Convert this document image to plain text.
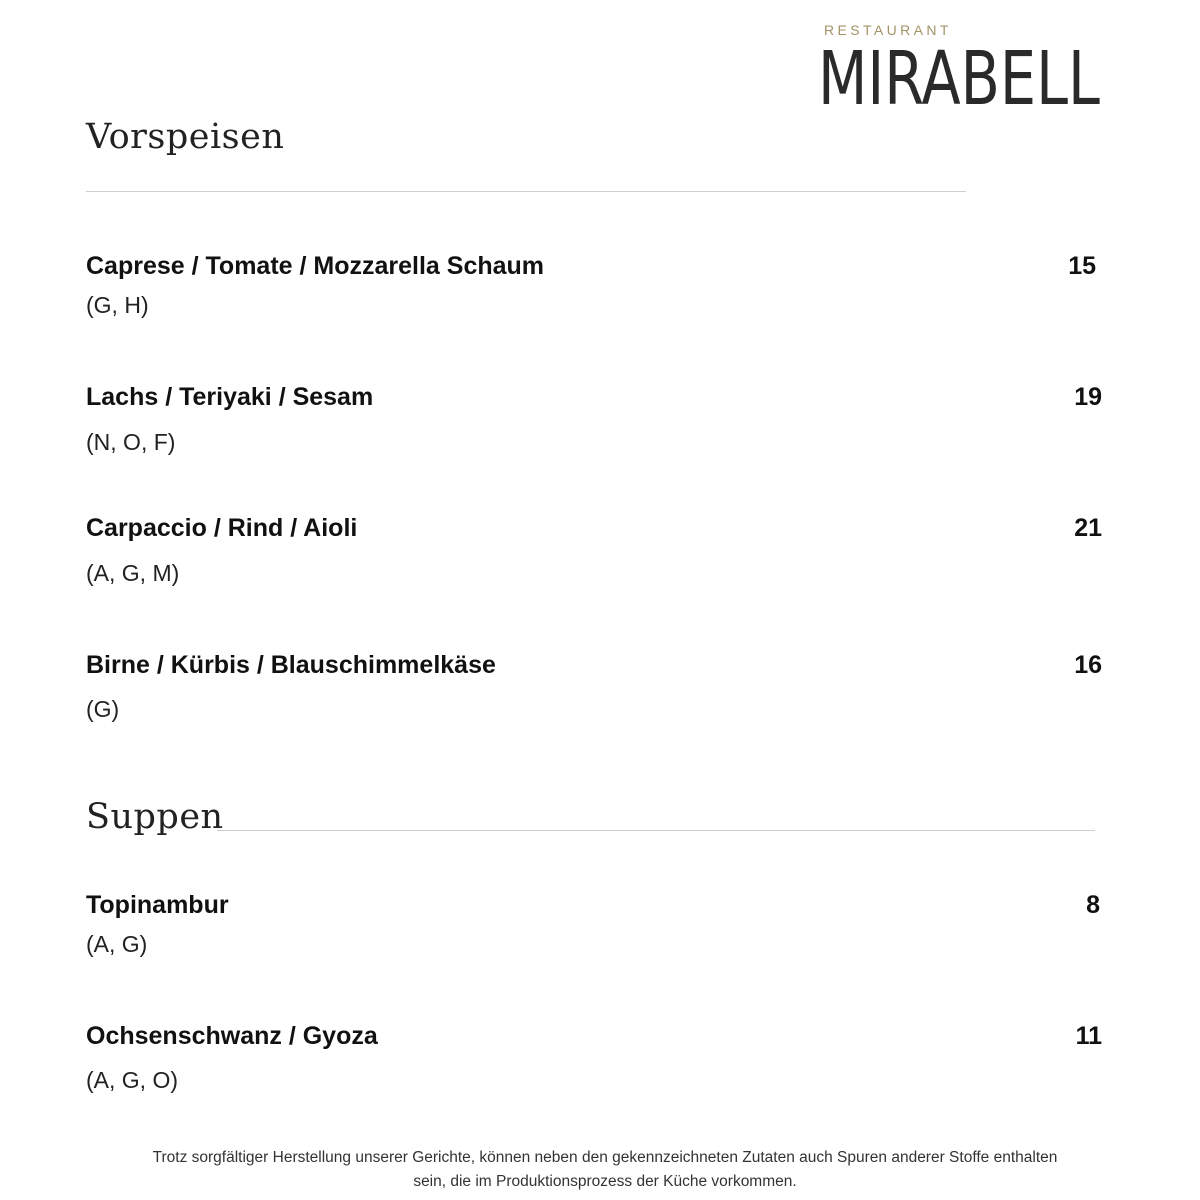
RESTAURANT
MIRABELL
Vorspeisen
Caprese / Tomate / Mozzarella Schaum
(G, H)
15
Lachs / Teriyaki / Sesam
(N, O, F)
19
Carpaccio / Rind / Aioli
(A, G, M)
21
Birne / Kürbis / Blauschimmelkäse
(G)
16
Suppen
Topinambur
(A, G)
8
Ochsenschwanz / Gyoza
(A, G, O)
11
Trotz sorgfältiger Herstellung unserer Gerichte, können neben den gekennzeichneten Zutaten auch Spuren anderer Stoffe enthalten
sein, die im Produktionsprozess der Küche vorkommen.
